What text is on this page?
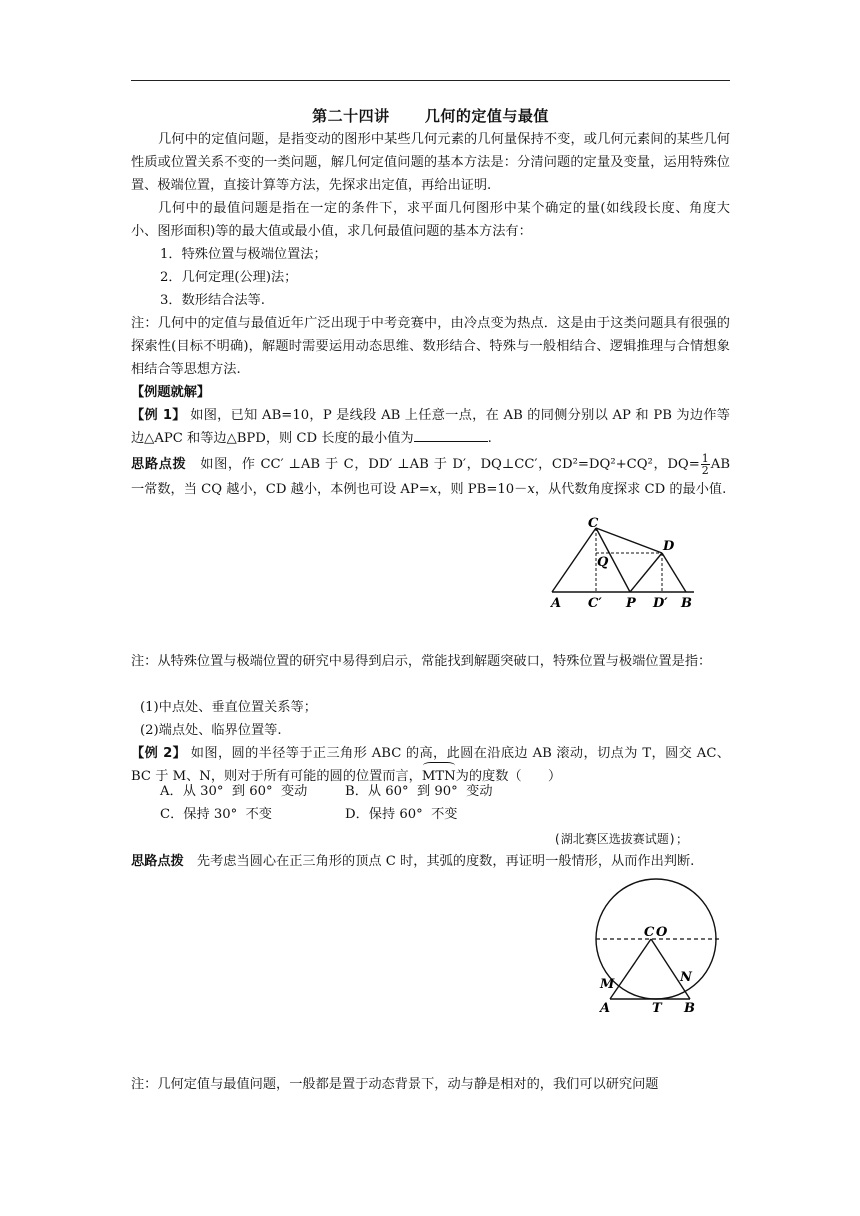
第二十四讲　 几何的定值与最值
几何中的定值问题，是指变动的图形中某些几何元素的几何量保持不变，或几何元素间的某些几何性质或位置关系不变的一类问题，解几何定值问题的基本方法是：分清问题的定量及变量，运用特殊位置、极端位置，直接计算等方法，先探求出定值，再给出证明.
几何中的最值问题是指在一定的条件下，求平面几何图形中某个确定的量(如线段长度、角度大小、图形面积)等的最大值或最小值，求几何最值问题的基本方法有：
1．特殊位置与极端位置法；
2．几何定理(公理)法；
3．数形结合法等.
注：几何中的定值与最值近年广泛出现于中考竞赛中，由冷点变为热点．这是由于这类问题具有很强的探索性(目标不明确)，解题时需要运用动态思维、数形结合、特殊与一般相结合、逻辑推理与合情想象相结合等思想方法.
【例题就解】
【例 1】 如图，已知 AB=10，P 是线段 AB 上任意一点，在 AB 的同侧分别以 AP 和 PB 为边作等边△APC 和等边△BPD，则 CD 长度的最小值为	.
思路点拨　如图，作 CC′ ⊥AB 于 C，DD′ ⊥AB 于 D′，DQ⊥CC′，CD²=DQ²+CQ²，$DQ= \frac{1}{2}$ AB 一常数，当 CQ 越小，CD 越小，本例也可设 AP=x，则 PB=10－x，从代数角度探求 CD 的最小值.
C
D
Q
A C′ P D′ B
注：从特殊位置与极端位置的研究中易得到启示，常能找到解题突破口，特殊位置与极端位置是指：
(1)中点处、垂直位置关系等；
(2)端点处、临界位置等.
【例 2】 如图，圆的半径等于正三角形 ABC 的高，此圆在沿底边 AB 滚动，切点为 T，圆交 AC、BC 于 M、N，则对于所有可能的圆的位置而言，MTN为的度数（　　）
A．从 30°  到 60°  变动	B．从 60°  到 90°  变动
C．保持 30°  不变	D．保持 60°  不变
(湖北赛区选拔赛试题)；
思路点拨　先考虑当圆心在正三角形的顶点 C 时，其弧的度数，再证明一般情形，从而作出判断.
C O
M	N
A	T B
注：几何定值与最值问题，一般都是置于动态背景下，动与静是相对的，我们可以研究问题
